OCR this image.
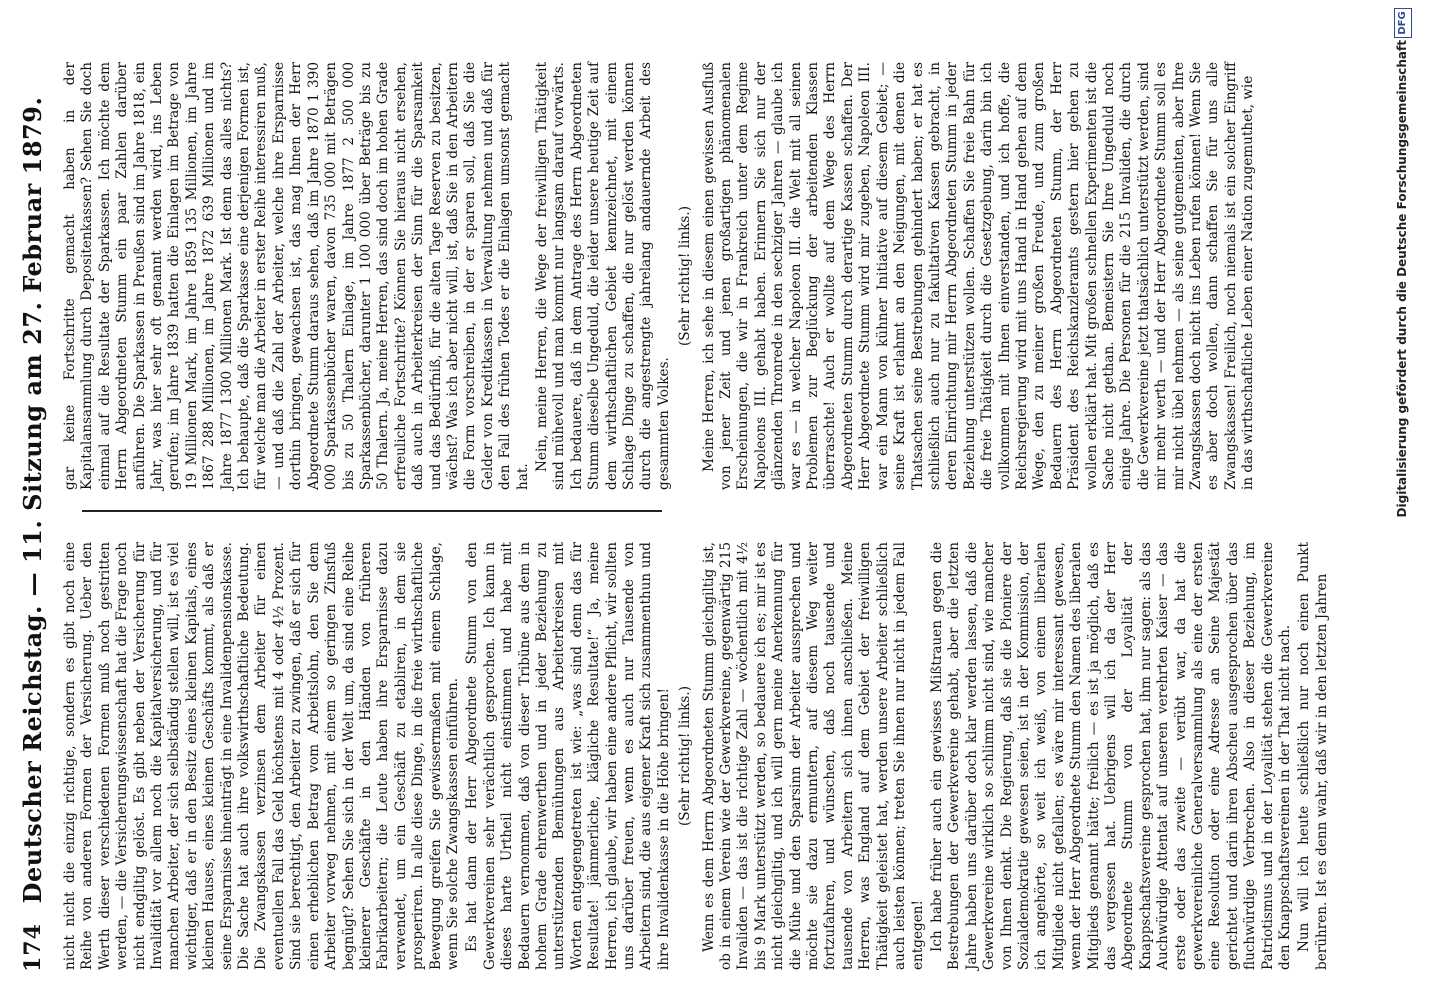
174
Deutscher Reichstag. — 11. Sitzung am 27. Februar 1879. nicht nicht die einzig richtige, sondern es gibt noch eine Reihe von anderen Formen der Versicherung. Ueber den Werth dieser verschiedenen Formen muß noch gestritten werden, — die Versicherungswissenschaft hat die Frage noch nicht endgiltig gelöst. Es gibt neben der Versicherung für Invalidität vor allem noch die Kapitalversicherung, und für manchen Arbeiter, der sich selbständig stellen will, ist es viel wichtiger, daß er in den Besitz eines kleinen Kapitals, eines kleinen Hauses, eines kleinen Geschäfts kommt, als daß er seine Ersparnisse hineinträgt in eine Invalidenpensionskasse. Die Sache hat auch ihre volkswirthschaftliche Bedeutung. Die Zwangskassen verzinsen dem Arbeiter für einen eventuellen Fall das Geld höchstens mit 4 oder 4½ Prozent. Sind sie berechtigt, den Arbeiter zu zwingen, daß er sich für einen erheblichen Betrag vom Arbeitslohn, den Sie dem Arbeiter vorweg nehmen, mit einem so geringen Zinsfuß begnügt? Sehen Sie sich in der Welt um, da sind eine Reihe kleinerer Geschäfte in den Händen von früheren Fabrikarbeitern; die Leute haben ihre Ersparnisse dazu verwendet, um ein Geschäft zu etabliren, in dem sie prosperiren. In alle diese Dinge, in die freie wirthschaftliche Bewegung greifen Sie gewissermaßen mit einem Schlage, wenn Sie solche Zwangskassen einführen. Es hat dann der Herr Abgeordnete Stumm von den Gewerkvereinen sehr verächtlich gesprochen. Ich kann in dieses harte Urtheil nicht einstimmen und habe mit Bedauern vernommen, daß von dieser Tribüne aus dem in hohem Grade ehrenwerthen und in jeder Beziehung zu unterstützenden Bemühungen aus Arbeiterkreisen mit Worten entgegengetreten ist wie: „was sind denn das für Resultate! jämmerliche, klägliche Resultate!“ Ja, meine Herren, ich glaube, wir haben eine andere Pflicht, wir sollten uns darüber freuen, wenn es auch nur Tausende von Arbeitern sind, die aus eigener Kraft sich zusammenthun und ihre Invalidenkasse in die Höhe bringen! (Sehr richtig! links.) Wenn es dem Herrn Abgeordneten Stumm gleichgiltig ist, ob in einem Verein wie der Gewerkvereine, gegenwärtig 215 Invaliden — das ist die richtige Zahl — wöchentlich mit 4½ bis 9 Mark unterstützt werden, so bedauere ich es; mir ist es nicht gleichgiltig, und ich will gern meine Anerkennung für die Mühe und den Sparsinn der Arbeiter aussprechen und möchte sie dazu ermuntern, auf diesem Weg weiter fortzufahren, und wünschen, daß noch tausende und tausende von Arbeitern sich ihnen anschließen. Meine Herren, was England auf dem Gebiet der freiwilligen Thätigkeit geleistet hat, werden unsere Arbeiter schließlich auch leisten können; treten Sie ihnen nur nicht in jedem Fall entgegen! Ich habe früher auch ein gewisses Mißtrauen gegen die Bestrebungen der Gewerkvereine gehabt, aber die letzten Jahre haben uns darüber doch klar werden lassen, daß die Gewerkvereine wirklich so schlimm nicht sind, wie mancher von Ihnen denkt. Die Regierung, daß sie die Pioniere der Sozialdemokratie gewesen seien, ist in der Kommission, der ich angehörte, so weit ich weiß, von einem liberalen Mitgliede nicht gefallen; es wäre mir interessant gewesen, wenn der Herr Abgeordnete Stumm den Namen des liberalen Mitglieds genannt hätte; freilich — es ist ja möglich, daß es das vergessen hat. Uebrigens will ich da der Herr Abgeordnete Stumm von der Loyalität der Knappschaftsvereine gesprochen hat, ihm nur sagen: als das Auchwürdige Attentat auf unseren verehrten Kaiser — das erste oder das zweite — verübt war, da hat die gewerkvereinliche Generalversammlung als eine der ersten eine Resolution oder eine Adresse an Seine Majestät gerichtet und darin ihren Abscheu ausgesprochen über das fluchwürdige Verbrechen. Also in dieser Beziehung, im Patriotismus und in der Loyalität stehen die Gewerkvereine den Knappschaftsvereinen in der That nicht nach. Nun will ich heute schließlich nur noch einen Punkt berühren. Ist es denn wahr, daß wir in den letzten Jahren

gar keine Fortschritte gemacht haben in der Kapitalansammlung durch Depositenkassen? Sehen Sie doch einmal auf die Resultate der Sparkassen. Ich möchte dem Herrn Abgeordneten Stumm ein paar Zahlen darüber anführen. Die Sparkassen in Preußen sind im Jahre 1818, ein Jahr, was hier sehr oft genannt werden wird, ins Leben gerufen; im Jahre 1839 hatten die Einlagen im Betrage von 19 Millionen Mark, im Jahre 1859 135 Millionen, im Jahre 1867 288 Millionen, im Jahre 1872 639 Millionen und im Jahre 1877 1300 Millionen Mark. Ist denn das alles nichts? Ich behaupte, daß die Sparkasse eine derjenigen Formen ist, für welche man die Arbeiter in erster Reihe interessiren muß, — und daß die Zahl der Arbeiter, welche ihre Ersparnisse dorthin bringen, gewachsen ist, das mag Ihnen der Herr Abgeordnete Stumm daraus sehen, daß im Jahre 1870 1 390 000 Sparkassenbücher waren, davon 735 000 mit Beträgen bis zu 50 Thalern Einlage, im Jahre 1877 2 500 000 Sparkassenbücher, darunter 1 100 000 über Beträge bis zu 50 Thalern. Ja, meine Herren, das sind doch im hohen Grade erfreuliche Fortschritte? Können Sie hieraus nicht ersehen, daß auch in Arbeiterkreisen der Sinn für die Sparsamkeit und das Bedürfniß, für die alten Tage Reserven zu besitzen, wächst? Was ich aber nicht will, ist, daß Sie in den Arbeitern die Form vorschreiben, in der er sparen soll, daß Sie die Gelder von Kreditkassen in Verwaltung nehmen und daß für den Fall des frühen Todes er die Einlagen umsonst gemacht hat.

Nein, meine Herren, die Wege der freiwilligen Thätigkeit sind mühevoll und man kommt nur langsam darauf vorwärts. Ich bedauere, daß in dem Antrage des Herrn Abgeordneten Stumm dieselbe Ungeduld, die leider unsere heutige Zeit auf dem wirthschaftlichen Gebiet kennzeichnet, mit einem Schlage Dinge zu schaffen, die nur gelöst werden können durch die angestrengte jahrelang andauernde Arbeit des gesammten Volkes.

(Sehr richtig! links.) Meine Herren, ich sehe in diesem einen gewissen Ausfluß von jener Zeit und jenen großartigen phänomenalen Erscheinungen, die wir in Frankreich unter dem Regime Napoleons III. gehabt haben. Erinnern Sie sich nur der glänzenden Thronrede in den sechziger Jahren — glaube ich war es — in welcher Napoleon III. die Welt mit all seinen Problemen zur Beglückung der arbeitenden Klassen überraschte! Auch er wollte auf dem Wege des Herrn Abgeordneten Stumm durch derartige Kassen schaffen. Der Herr Abgeordnete Stumm wird mir zugeben, Napoleon III. war ein Mann von kühner Initiative auf diesem Gebiet; — seine Kraft ist erlahmt an den Neigungen, mit denen die Thatsachen seine Bestrebungen gehindert haben; er hat es schließlich auch nur zu fakultativen Kassen gebracht, in deren Einrichtung mir Herrn Abgeordneten Stumm in jeder Beziehung unterstützen wollen. Schaffen Sie freie Bahn für die freie Thätigkeit durch die Gesetzgebung, darin bin ich vollkommen mit Ihnen einverstanden, und ich hoffe, die Reichsregierung wird mit uns Hand in Hand gehen auf dem Wege, den zu meiner großen Freude, und zum großen Bedauern des Herrn Abgeordneten Stumm, der Herr Präsident des Reichskanzleramts gestern hier gehen zu wollen erklärt hat. Mit großen schnellen Experimenten ist die Sache nicht gethan. Bemeistern Sie Ihre Ungeduld noch einige Jahre. Die Personen für die 215 Invaliden, die durch die Gewerkvereine jetzt thatsächlich unterstützt werden, sind mir mehr werth — und der Herr Abgeordnete Stumm soll es mir nicht übel nehmen — als seine gutgemeinten, aber Ihre Zwangskassen doch nicht ins Leben rufen können! Wenn Sie es aber doch wollen, dann schaffen Sie für uns alle Zwangskassen! Freilich, noch niemals ist ein solcher Eingriff in das wirthschaftliche Leben einer Nation zugemuthet, wie	Digitalisierung gefördert durch die Deutsche Forschungsgemeinschaft
DFG
